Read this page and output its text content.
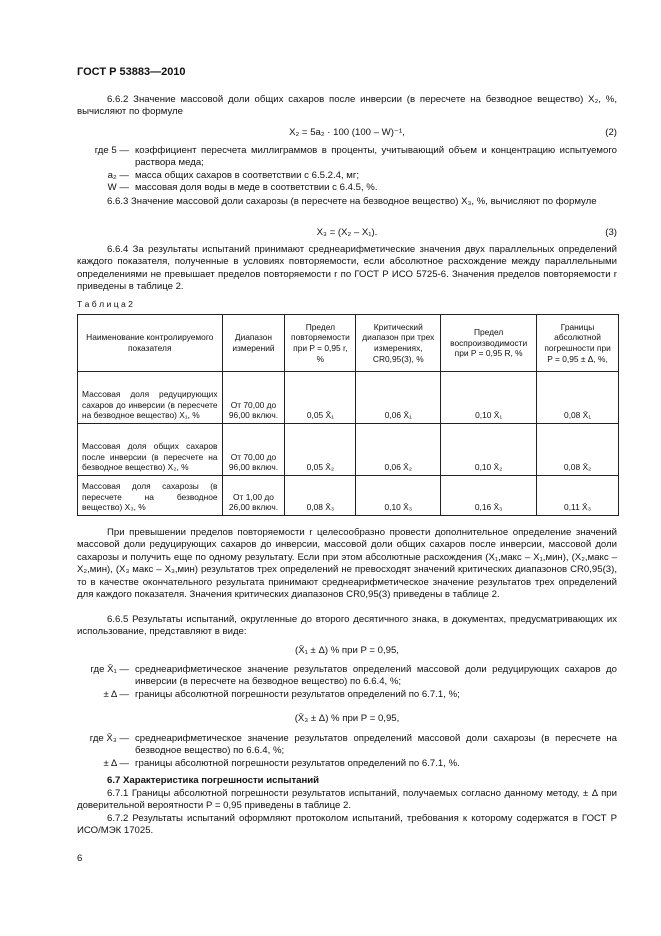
ГОСТ Р 53883—2010
6.6.2 Значение массовой доли общих сахаров после инверсии (в пересчете на безводное вещество) X₂, %, вычисляют по формуле
X₂ = 5a₂ · 100 (100 – W)⁻¹,	(2)
где 5 — коэффициент пересчета миллиграммов в проценты, учитывающий объем и концентрацию испытуемого раствора меда;
a₂ — масса общих сахаров в соответствии с 6.5.2.4, мг;
W — массовая доля воды в меде в соответствии с 6.4.5, %.
6.6.3 Значение массовой доли сахарозы (в пересчете на безводное вещество) X₃, %, вычисляют по формуле
X₃ = (X₂ – X₁).	(3)
6.6.4 За результаты испытаний принимают среднеарифметические значения двух параллельных определений каждого показателя, полученные в условиях повторяемости, если абсолютное расхождение между параллельными определениями не превышает пределов повторяемости r по ГОСТ Р ИСО 5725-6. Значения пределов повторяемости r приведены в таблице 2.
Т а б л и ц а 2
Наименование контролируемого показателя	Диапазон измерений	Предел повторяемости при P = 0,95 r, %	Критический диапазон при трех измерениях, CR0,95(3), %	Предел воспроизводимости при P = 0,95 R, %	Границы абсолютной погрешности при P = 0,95 ± Δ, %,
Массовая доля редуцирующих сахаров до инверсии (в пересчете на безводное вещество) X₁, %	От 70,00 до 96,00 включ.	0,05 X̄₁	0,06 X̄₁	0,10 X̄₁	0,08 X̄₁
Массовая доля общих сахаров после инверсии (в пересчете на безводное вещество) X₂, %	От 70,00 до 96,00 включ.	0,05 X̄₂	0,06 X̄₂	0,10 X̄₂	0,08 X̄₂
Массовая доля сахарозы (в пересчете на безводное вещество) X₃, %	От 1,00 до 26,00 включ.	0,08 X̄₃	0,10 X̄₃	0,16 X̄₃	0,11 X̄₃
При превышении пределов повторяемости r целесообразно провести дополнительное определение значений массовой доли редуцирующих сахаров до инверсии, массовой доли общих сахаров после инверсии, массовой доли сахарозы и получить еще по одному результату. Если при этом абсолютные расхождения (X₁,макс – X₁,мин), (X₂,макс – X₂,мин), (X₃ макс – X₃,мин) результатов трех определений не превосходят значений критических диапазонов CR0,95(3), то в качестве окончательного результата принимают среднеарифметическое значение результатов трех определений для каждого показателя. Значения критических диапазонов CR0,95(3) приведены в таблице 2.
6.6.5 Результаты испытаний, округленные до второго десятичного знака, в документах, предусматривающих их использование, представляют в виде:
(X̄₁ ± Δ) % при P = 0,95,
где X̄₁ — среднеарифметическое значение результатов определений массовой доли редуцирующих сахаров до инверсии (в пересчете на безводное вещество) по 6.6.4, %;
± Δ — границы абсолютной погрешности результатов определений по 6.7.1, %;
(X̄₃ ± Δ) % при P = 0,95,
где X̄₃ — среднеарифметическое значение результатов определений массовой доли сахарозы (в пересчете на безводное вещество) по 6.6.4, %;
± Δ — границы абсолютной погрешности результатов определений по 6.7.1, %.
6.7 Характеристика погрешности испытаний
6.7.1 Границы абсолютной погрешности результатов испытаний, получаемых согласно данному методу, ± Δ при доверительной вероятности P = 0,95 приведены в таблице 2.
6.7.2 Результаты испытаний оформляют протоколом испытаний, требования к которому содержатся в ГОСТ Р ИСО/МЭК 17025.
6
